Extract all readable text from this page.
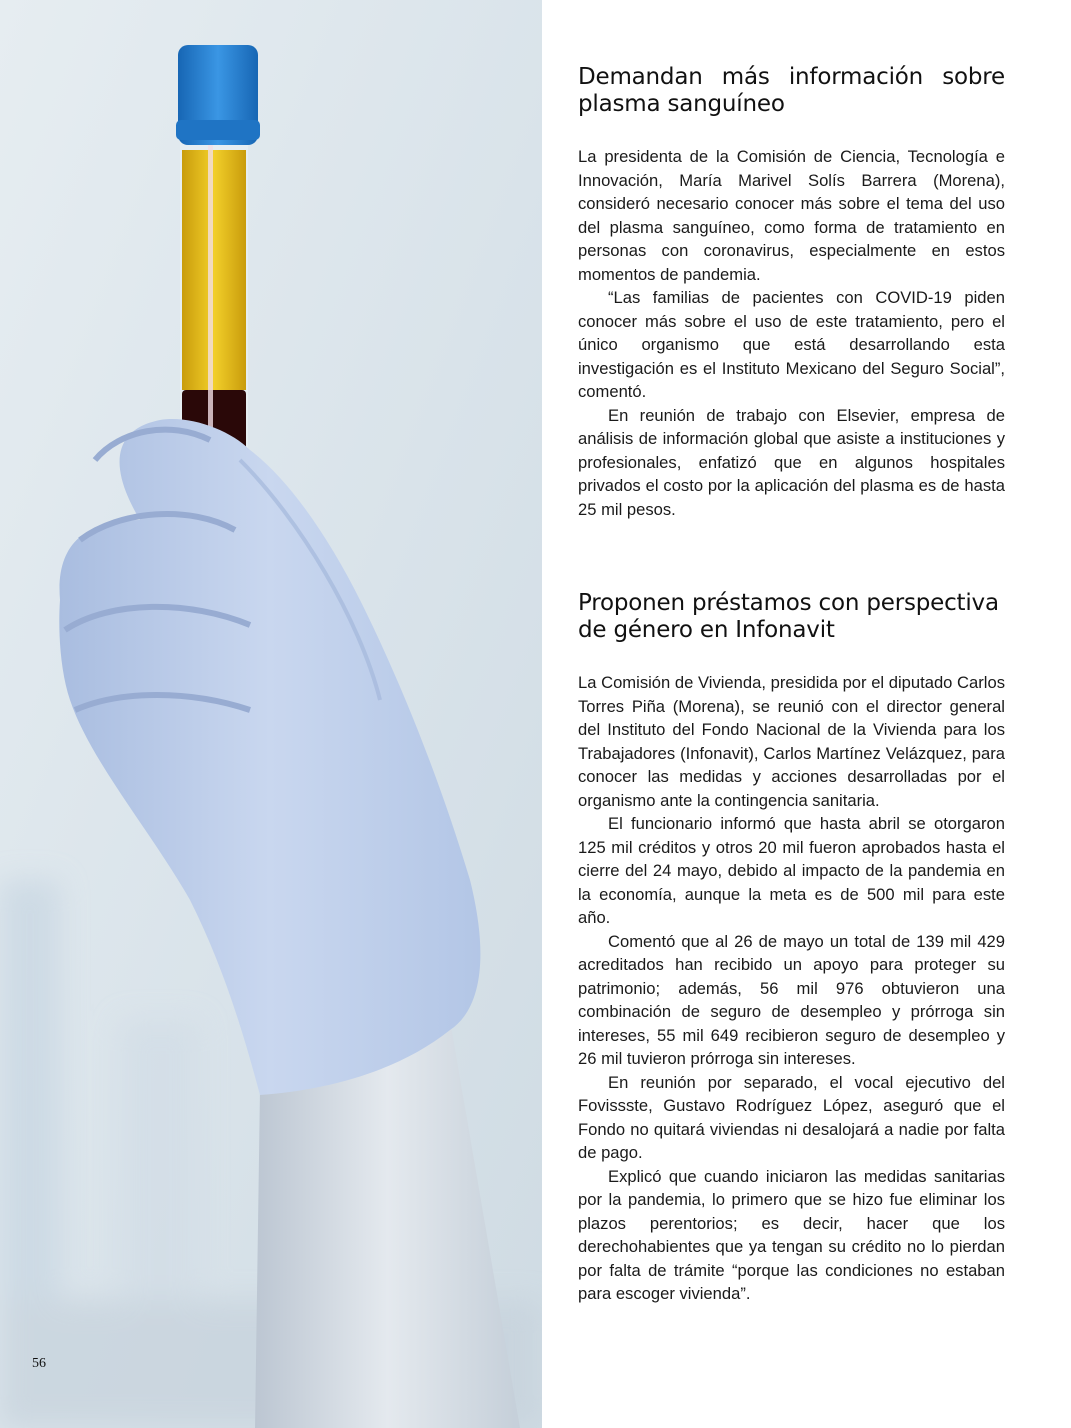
56
Demandan más información sobre plasma sanguíneo

La presidenta de la Comisión de Ciencia, Tecnología e Innovación, María Marivel Solís Barrera (Morena), consideró necesario conocer más sobre el tema del uso del plasma sanguíneo, como forma de tratamiento en personas con coronavirus, especialmente en estos momentos de pandemia.

“Las familias de pacientes con COVID-19 piden conocer más sobre el uso de este tratamiento, pero el único organismo que está desarrollando esta investigación es el Instituto Mexicano del Seguro Social”, comentó.

En reunión de trabajo con Elsevier, empresa de análisis de información global que asiste a instituciones y profesionales, enfatizó que en algunos hospitales privados el costo por la aplicación del plasma es de hasta 25 mil pesos.

Proponen préstamos con perspectiva de género en Infonavit

La Comisión de Vivienda, presidida por el diputado Carlos Torres Piña (Morena), se reunió con el director general del Instituto del Fondo Nacional de la Vivienda para los Trabajadores (Infonavit), Carlos Martínez Velázquez, para conocer las medidas y acciones desarrolladas por el organismo ante la contingencia sanitaria.

El funcionario informó que hasta abril se otorgaron 125 mil créditos y otros 20 mil fueron aprobados hasta el cierre del 24 mayo, debido al impacto de la pandemia en la economía, aunque la meta es de 500 mil para este año.

Comentó que al 26 de mayo un total de 139 mil 429 acreditados han recibido un apoyo para proteger su patrimonio; además, 56 mil 976 obtuvieron una combinación de seguro de desempleo y prórroga sin intereses, 55 mil 649 recibieron seguro de desempleo y 26 mil tuvieron prórroga sin intereses.

En reunión por separado, el vocal ejecutivo del Fovissste, Gustavo Rodríguez López, aseguró que el Fondo no quitará viviendas ni desalojará a nadie por falta de pago.

Explicó que cuando iniciaron las medidas sanitarias por la pandemia, lo primero que se hizo fue eliminar los plazos perentorios; es decir, hacer que los derechohabientes que ya tengan su crédito no lo pierdan por falta de trámite “porque las condiciones no estaban para escoger vivienda”.
